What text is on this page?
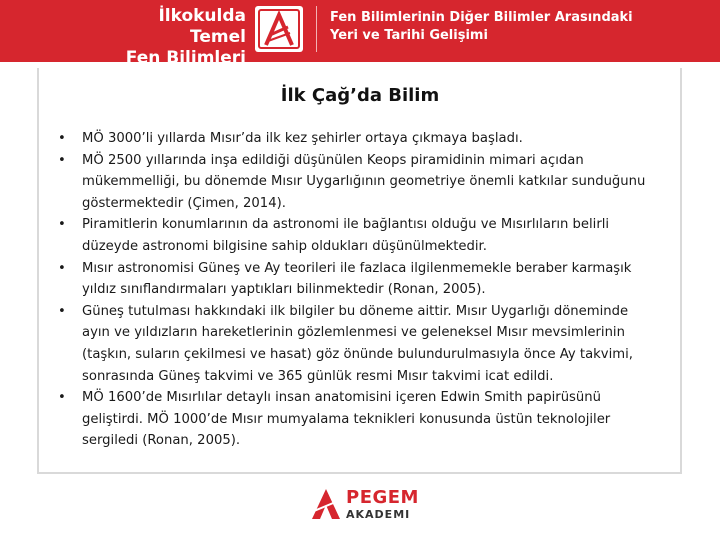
İlkokulda Temel
Fen Bilimleri
Fen Bilimlerinin Diğer Bilimler Arasındaki
Yeri ve Tarihi Gelişimi
İlk Çağ’da Bilim
•	MÖ 3000’li yıllarda Mısır’da ilk kez şehirler ortaya çıkmaya başladı.
•	MÖ 2500 yıllarında inşa edildiği düşünülen Keops piramidinin mimari açıdan mükemmelliği, bu dönemde Mısır Uygarlığının geometriye önemli katkılar sunduğunu göstermektedir (Çimen, 2014).
•	Piramitlerin konumlarının da astronomi ile bağlantısı olduğu ve Mısırlıların belirli düzeyde astronomi bilgisine sahip oldukları düşünülmektedir.
•	Mısır astronomisi Güneş ve Ay teorileri ile fazlaca ilgilenmemekle beraber karmaşık yıldız sınıflandırmaları yaptıkları bilinmektedir (Ronan, 2005).
•	Güneş tutulması hakkındaki ilk bilgiler bu döneme aittir. Mısır Uygarlığı döneminde ayın ve yıldızların hareketlerinin gözlemlenmesi ve geleneksel Mısır mevsimlerinin (taşkın, suların çekilmesi ve hasat) göz önünde bulundurulmasıyla önce Ay takvimi, sonrasında Güneş takvimi ve 365 günlük resmi Mısır takvimi icat edildi.
•	MÖ 1600’de Mısırlılar detaylı insan anatomisini içeren Edwin Smith papirüsünü geliştirdi. MÖ 1000’de Mısır mumyalama teknikleri konusunda üstün teknolojiler sergiledi (Ronan, 2005).
PEGEM
AKADEMI
